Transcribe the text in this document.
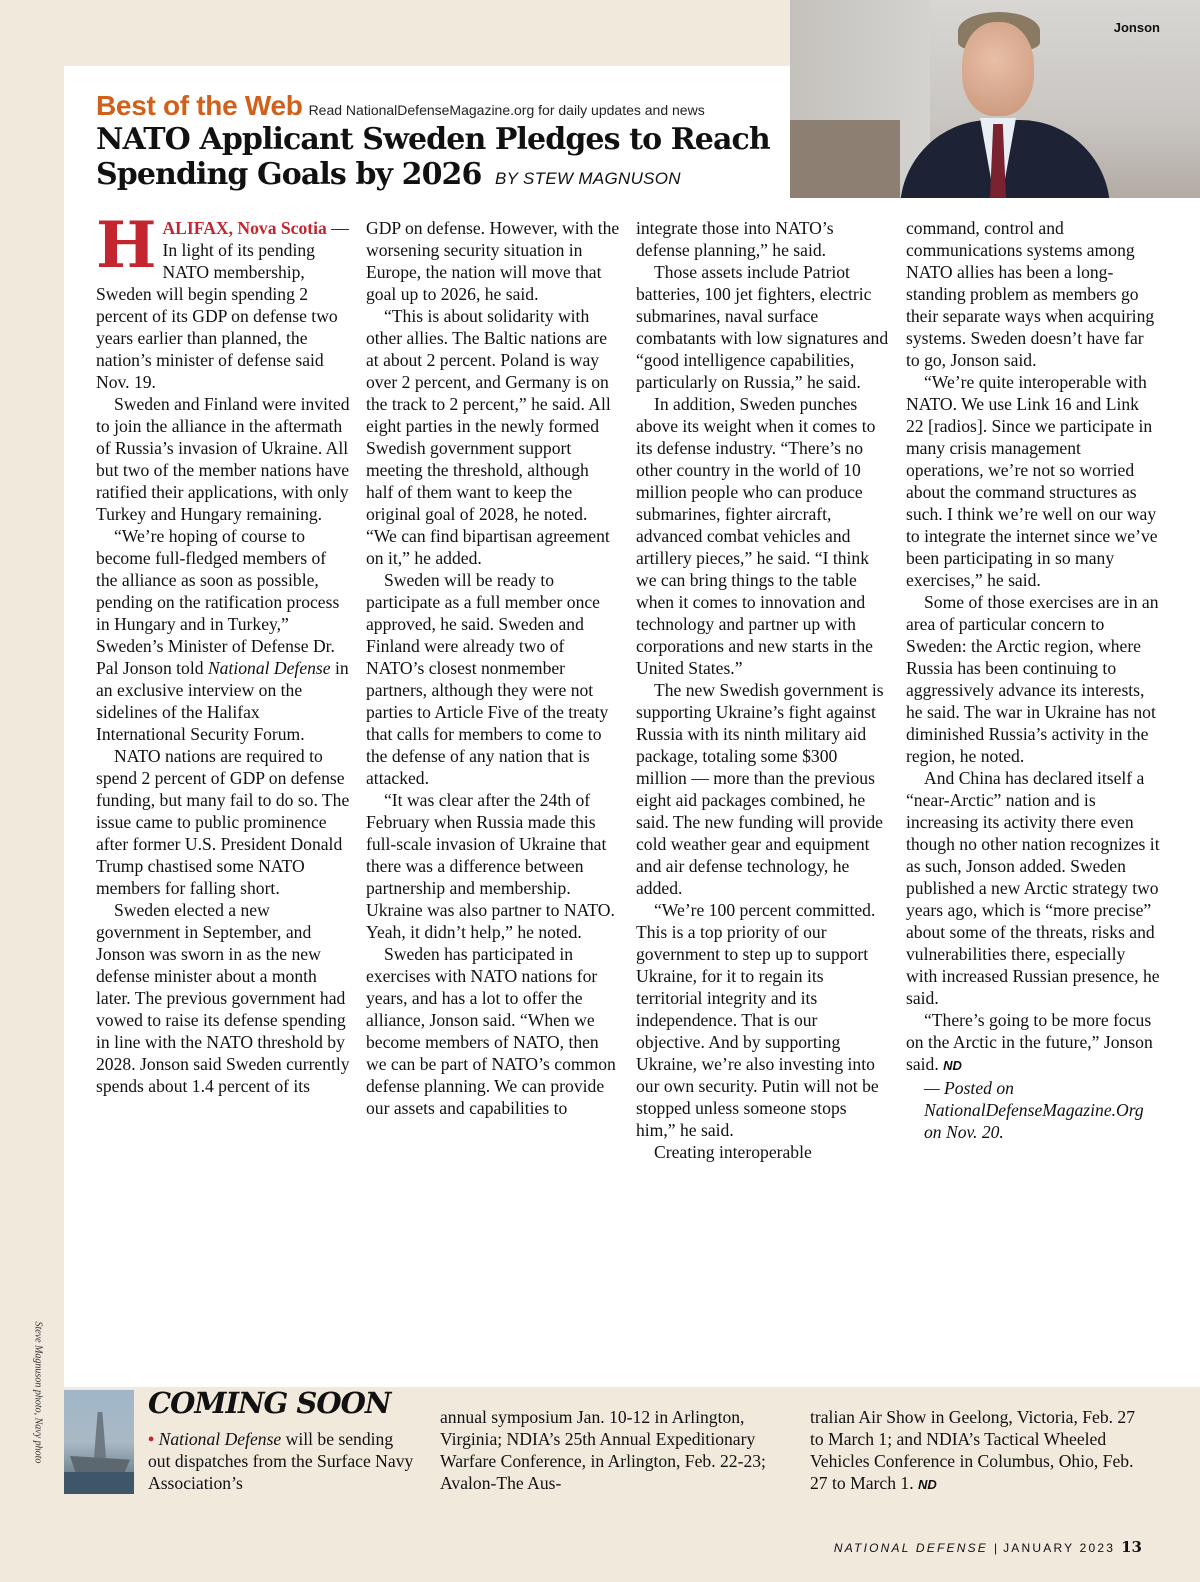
Jonson
Best of the Web Read NationalDefenseMagazine.org for daily updates and news
NATO Applicant Sweden Pledges to Reach Spending Goals by 2026 BY STEW MAGNUSON

HALIFAX, Nova Scotia — In light of its pending NATO membership, Sweden will begin spending 2 percent of its GDP on defense two years earlier than planned, the nation’s minister of defense said Nov. 19.

Sweden and Finland were invited to join the alliance in the aftermath of Russia’s invasion of Ukraine. All but two of the member nations have ratified their applications, with only Turkey and Hungary remaining.

“We’re hoping of course to become full-fledged members of the alliance as soon as possible, pending on the ratification process in Hungary and in Turkey,” Sweden’s Minister of Defense Dr. Pal Jonson told National Defense in an exclusive interview on the sidelines of the Halifax International Security Forum.

NATO nations are required to spend 2 percent of GDP on defense funding, but many fail to do so. The issue came to public prominence after former U.S. President Donald Trump chastised some NATO members for falling short.

Sweden elected a new government in September, and Jonson was sworn in as the new defense minister about a month later. The previous government had vowed to raise its defense spending in line with the NATO threshold by 2028. Jonson said Sweden currently spends about 1.4 percent of its

GDP on defense. However, with the worsening security situation in Europe, the nation will move that goal up to 2026, he said.

“This is about solidarity with other allies. The Baltic nations are at about 2 percent. Poland is way over 2 percent, and Germany is on the track to 2 percent,” he said. All eight parties in the newly formed Swedish government support meeting the threshold, although half of them want to keep the original goal of 2028, he noted. “We can find bipartisan agreement on it,” he added.

Sweden will be ready to participate as a full member once approved, he said. Sweden and Finland were already two of NATO’s closest nonmember partners, although they were not parties to Article Five of the treaty that calls for members to come to the defense of any nation that is attacked.

“It was clear after the 24th of February when Russia made this full-scale invasion of Ukraine that there was a difference between partnership and membership. Ukraine was also partner to NATO. Yeah, it didn’t help,” he noted.

Sweden has participated in exercises with NATO nations for years, and has a lot to offer the alliance, Jonson said. “When we become members of NATO, then we can be part of NATO’s common defense planning. We can provide our assets and capabilities to

integrate those into NATO’s defense planning,” he said.

Those assets include Patriot batteries, 100 jet fighters, electric submarines, naval surface combatants with low signatures and “good intelligence capabilities, particularly on Russia,” he said.

In addition, Sweden punches above its weight when it comes to its defense industry. “There’s no other country in the world of 10 million people who can produce submarines, fighter aircraft, advanced combat vehicles and artillery pieces,” he said. “I think we can bring things to the table when it comes to innovation and technology and partner up with corporations and new starts in the United States.”

The new Swedish government is supporting Ukraine’s fight against Russia with its ninth military aid package, totaling some $300 million — more than the previous eight aid packages combined, he said. The new funding will provide cold weather gear and equipment and air defense technology, he added.

“We’re 100 percent committed. This is a top priority of our government to step up to support Ukraine, for it to regain its territorial integrity and its independence. That is our objective. And by supporting Ukraine, we’re also investing into our own security. Putin will not be stopped unless someone stops him,” he said.

Creating interoperable

command, control and communications systems among NATO allies has been a long-standing problem as members go their separate ways when acquiring systems. Sweden doesn’t have far to go, Jonson said.

“We’re quite interoperable with NATO. We use Link 16 and Link 22 [radios]. Since we participate in many crisis management operations, we’re not so worried about the command structures as such. I think we’re well on our way to integrate the internet since we’ve been participating in so many exercises,” he said.

Some of those exercises are in an area of particular concern to Sweden: the Arctic region, where Russia has been continuing to aggressively advance its interests, he said. The war in Ukraine has not diminished Russia’s activity in the region, he noted.

And China has declared itself a “near-Arctic” nation and is increasing its activity there even though no other nation recognizes it as such, Jonson added. Sweden published a new Arctic strategy two years ago, which is “more precise” about some of the threats, risks and vulnerabilities there, especially with increased Russian presence, he said.

“There’s going to be more focus on the Arctic in the future,” Jonson said. ND

— Posted on NationalDefenseMagazine.Org on Nov. 20.

Steve Magnuson photo, Navy photo	COMING SOON

• National Defense will be sending out dispatches from the Surface Navy Association’s

annual symposium Jan. 10-12 in Arlington, Virginia; NDIA’s 25th Annual Expeditionary Warfare Conference, in Arlington, Feb. 22-23; Avalon-The Aus-

tralian Air Show in Geelong, Victoria, Feb. 27 to March 1; and NDIA’s Tactical Wheeled Vehicles Conference in Columbus, Ohio, Feb. 27 to March 1. ND

NATIONAL DEFENSE | JANUARY 2023 13
